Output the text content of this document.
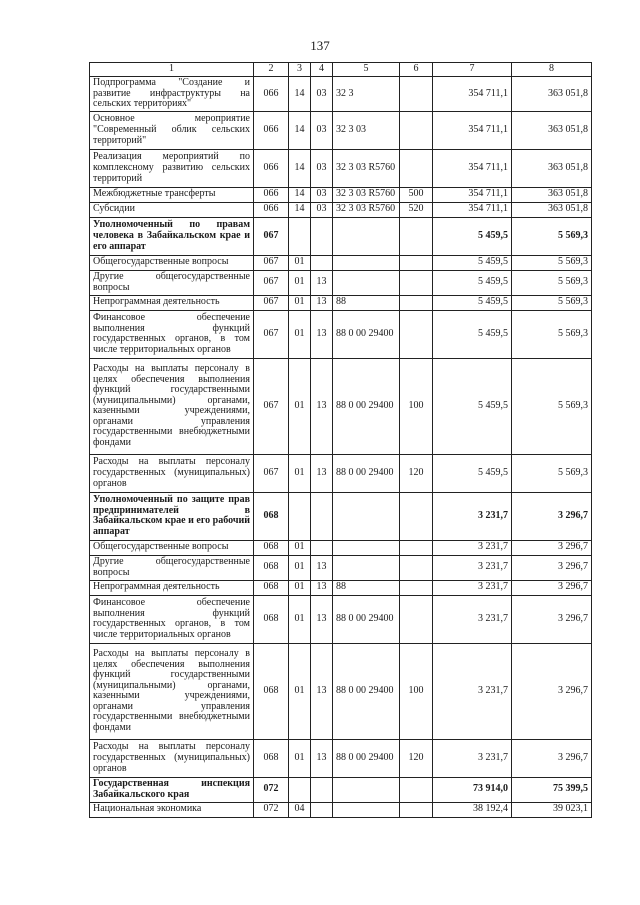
137
1	2	3	4	5	6	7	8
Подпрограмма "Создание и развитие инфраструктуры на сельских территориях"	066	14	03	32 3		354 711,1	363 051,8
Основное мероприятие "Современный облик сельских территорий"	066	14	03	32 3 03		354 711,1	363 051,8
Реализация мероприятий по комплексному развитию сельских территорий	066	14	03	32 3 03 R5760		354 711,1	363 051,8
Межбюджетные трансферты	066	14	03	32 3 03 R5760	500	354 711,1	363 051,8
Субсидии	066	14	03	32 3 03 R5760	520	354 711,1	363 051,8
Уполномоченный по правам человека в Забайкальском крае и его аппарат	067					5 459,5	5 569,3
Общегосударственные вопросы	067	01				5 459,5	5 569,3
Другие общегосударственные вопросы	067	01	13			5 459,5	5 569,3
Непрограммная деятельность	067	01	13	88		5 459,5	5 569,3
Финансовое обеспечение выполнения функций государственных органов, в том числе территориальных органов	067	01	13	88 0 00 29400		5 459,5	5 569,3
Расходы на выплаты персоналу в целях обеспечения выполнения функций государственными (муниципальными) органами, казенными учреждениями, органами управления государственными внебюджетными фондами	067	01	13	88 0 00 29400	100	5 459,5	5 569,3
Расходы на выплаты персоналу государственных (муниципальных) органов	067	01	13	88 0 00 29400	120	5 459,5	5 569,3
Уполномоченный по защите прав предпринимателей в Забайкальском крае и его рабочий аппарат	068					3 231,7	3 296,7
Общегосударственные вопросы	068	01				3 231,7	3 296,7
Другие общегосударственные вопросы	068	01	13			3 231,7	3 296,7
Непрограммная деятельность	068	01	13	88		3 231,7	3 296,7
Финансовое обеспечение выполнения функций государственных органов, в том числе территориальных органов	068	01	13	88 0 00 29400		3 231,7	3 296,7
Расходы на выплаты персоналу в целях обеспечения выполнения функций государственными (муниципальными) органами, казенными учреждениями, органами управления государственными внебюджетными фондами	068	01	13	88 0 00 29400	100	3 231,7	3 296,7
Расходы на выплаты персоналу государственных (муниципальных) органов	068	01	13	88 0 00 29400	120	3 231,7	3 296,7
Государственная инспекция Забайкальского края	072					73 914,0	75 399,5
Национальная экономика	072	04				38 192,4	39 023,1
